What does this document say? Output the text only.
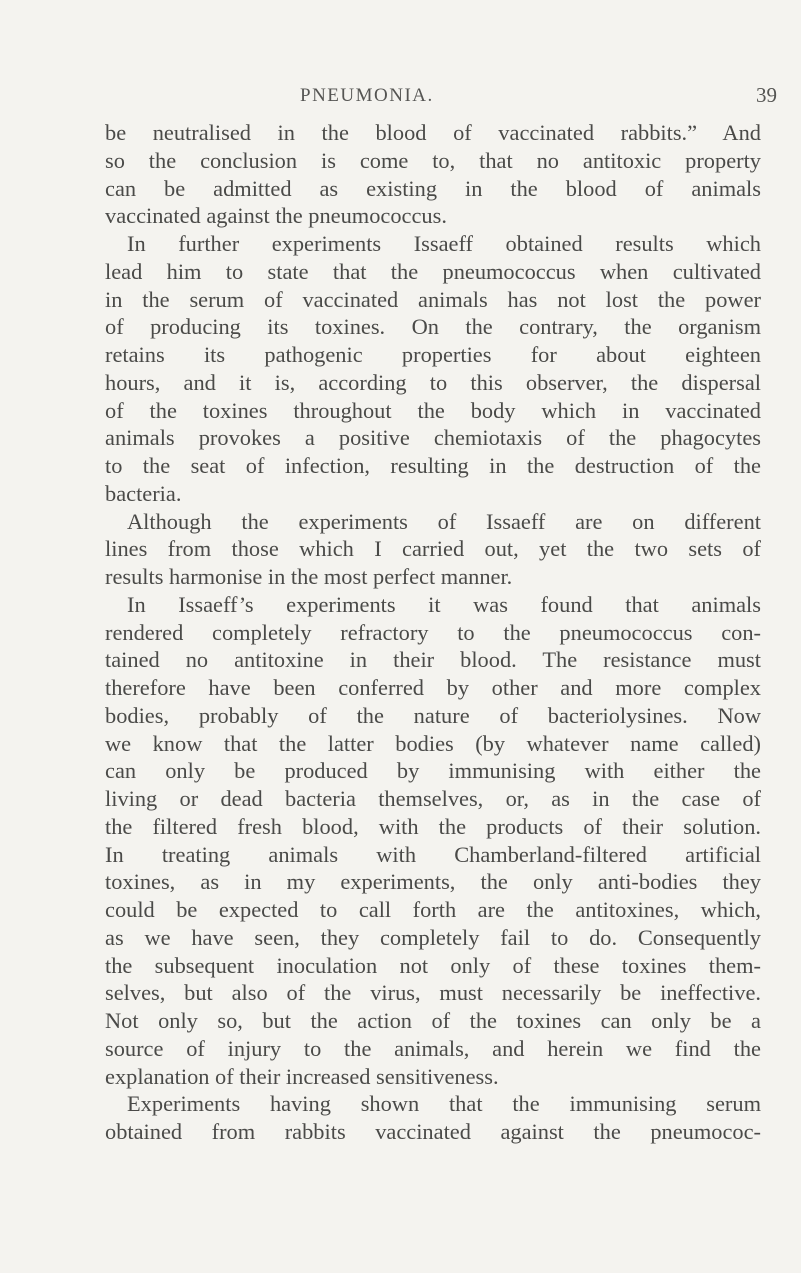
PNEUMONIA.	39
be neutralised in the blood of vaccinated rabbits.” And
so the conclusion is come to, that no antitoxic property
can be admitted as existing in the blood of animals
vaccinated against the pneumococcus.
In further experiments Issaeff obtained results which
lead him to state that the pneumococcus when cultivated
in the serum of vaccinated animals has not lost the power
of producing its toxines. On the contrary, the organism
retains its pathogenic properties for about eighteen
hours, and it is, according to this observer, the dispersal
of the toxines throughout the body which in vaccinated
animals provokes a positive chemiotaxis of the phagocytes
to the seat of infection, resulting in the destruction of the
bacteria.
Although the experiments of Issaeff are on different
lines from those which I carried out, yet the two sets of
results harmonise in the most perfect manner.
In Issaeff’s experiments it was found that animals
rendered completely refractory to the pneumococcus con-
tained no antitoxine in their blood. The resistance must
therefore have been conferred by other and more complex
bodies, probably of the nature of bacteriolysines. Now
we know that the latter bodies (by whatever name called)
can only be produced by immunising with either the
living or dead bacteria themselves, or, as in the case of
the filtered fresh blood, with the products of their solution.
In treating animals with Chamberland-filtered artificial
toxines, as in my experiments, the only anti-bodies they
could be expected to call forth are the antitoxines, which,
as we have seen, they completely fail to do. Consequently
the subsequent inoculation not only of these toxines them-
selves, but also of the virus, must necessarily be ineffective.
Not only so, but the action of the toxines can only be a
source of injury to the animals, and herein we find the
explanation of their increased sensitiveness.
Experiments having shown that the immunising serum
obtained from rabbits vaccinated against the pneumococ-
